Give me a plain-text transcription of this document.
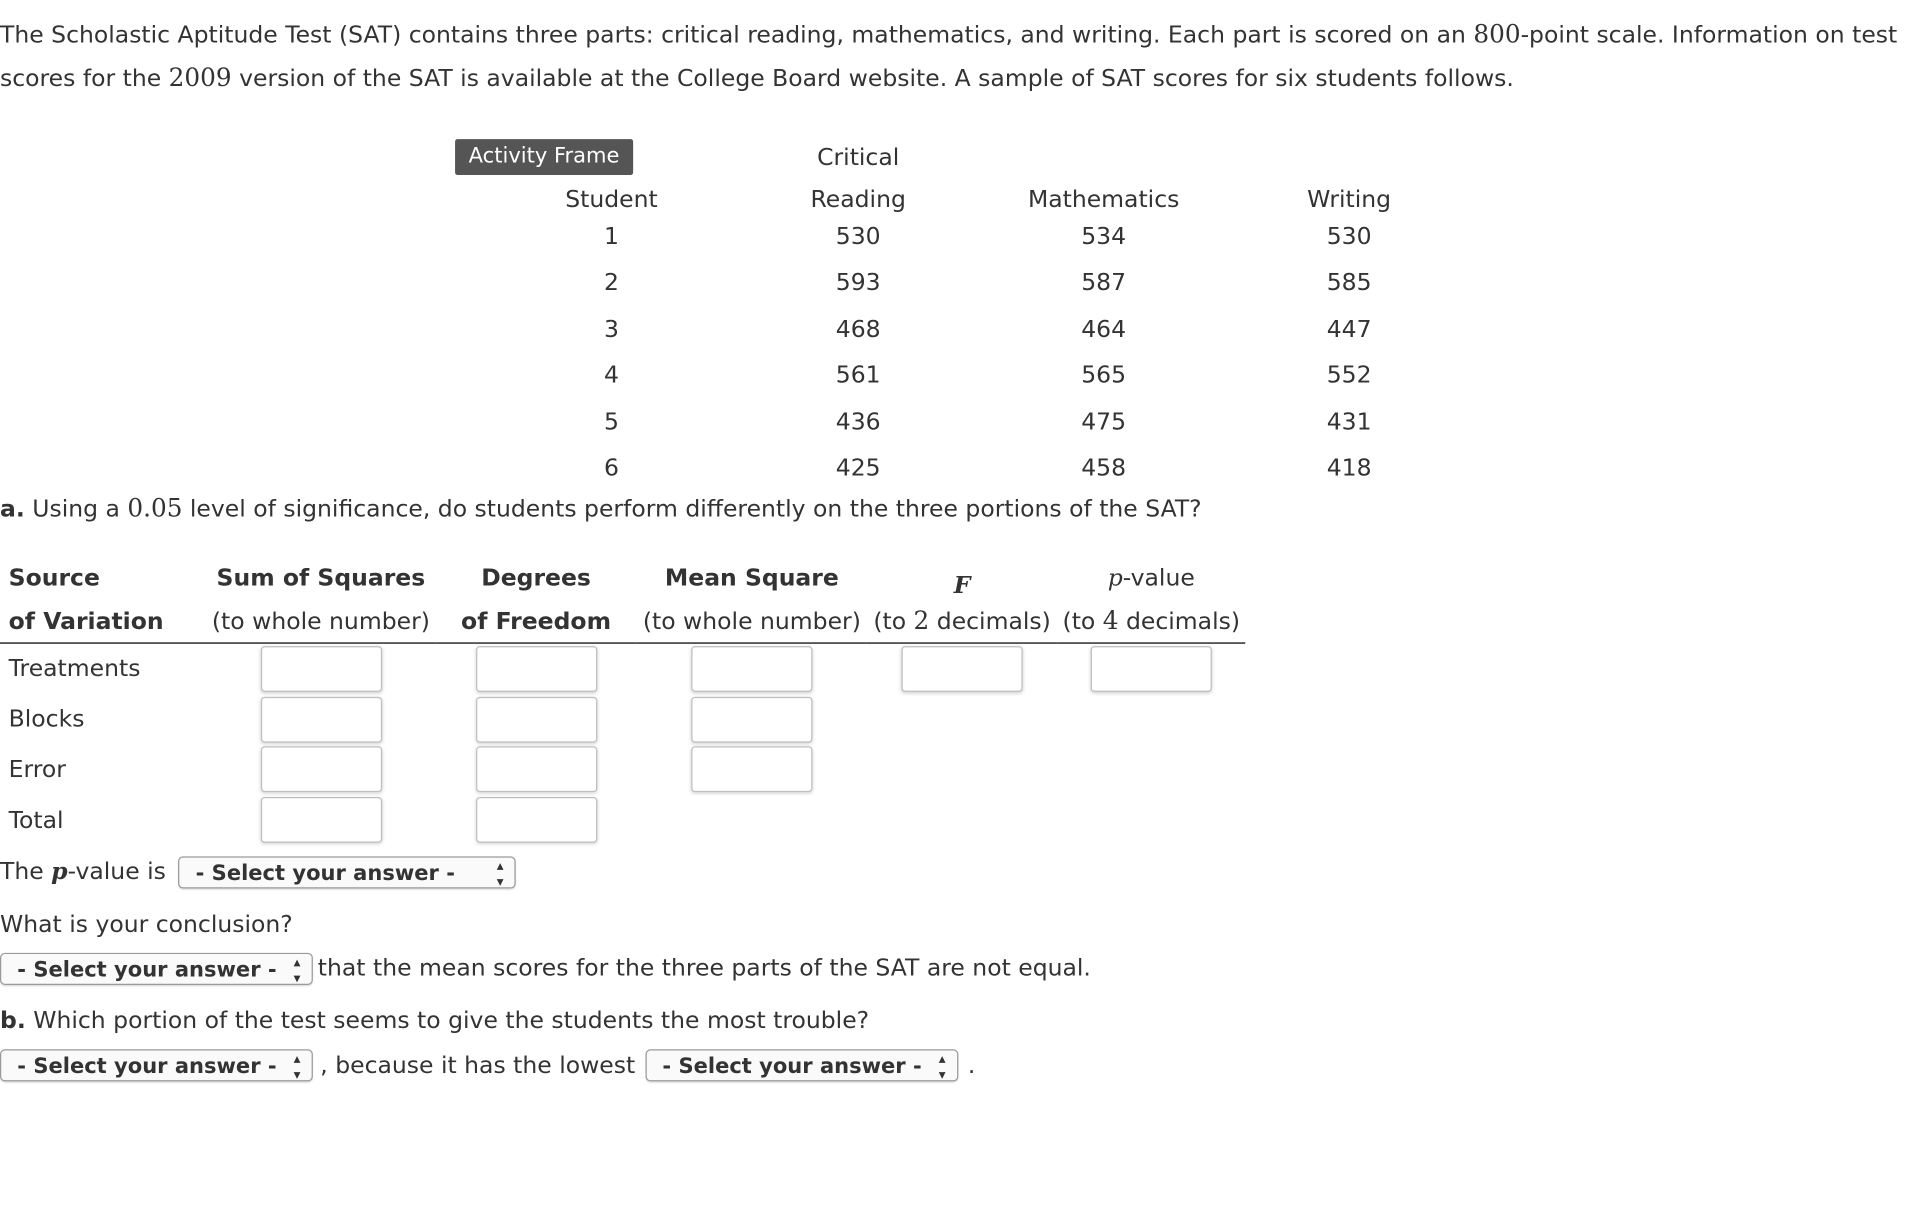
The Scholastic Aptitude Test (SAT) contains three parts: critical reading, mathematics, and writing. Each part is scored on an 800-point scale. Information on test scores for the 2009 version of the SAT is available at the College Board website. A sample of SAT scores for six students follows.
Activity Frame
			Critical			
	Student	Reading	Mathematics	Writing	
	1	530	534	530	
	2	593	587	585	
	3	468	464	447	
	4	561	565	552	
	5	436	475	431	
	6	425	458	418	
a. Using a 0.05 level of significance, do students perform differently on the three portions of the SAT?
Source	Sum of Squares	Degrees	Mean Square	F	p-value
of Variation	(to whole number)	of Freedom	(to whole number)	(to 2 decimals)	(to 4 decimals)
Treatments					
Blocks					
Error					
Total					
The p-value is - Select your answer -	▴
▾
What is your conclusion?
- Select your answer - ▴
▾ that the mean scores for the three parts of the SAT are not equal.
b. Which portion of the test seems to give the students the most trouble?
- Select your answer - ▴
▾ , because it has the lowest - Select your answer - ▴
▾ .
